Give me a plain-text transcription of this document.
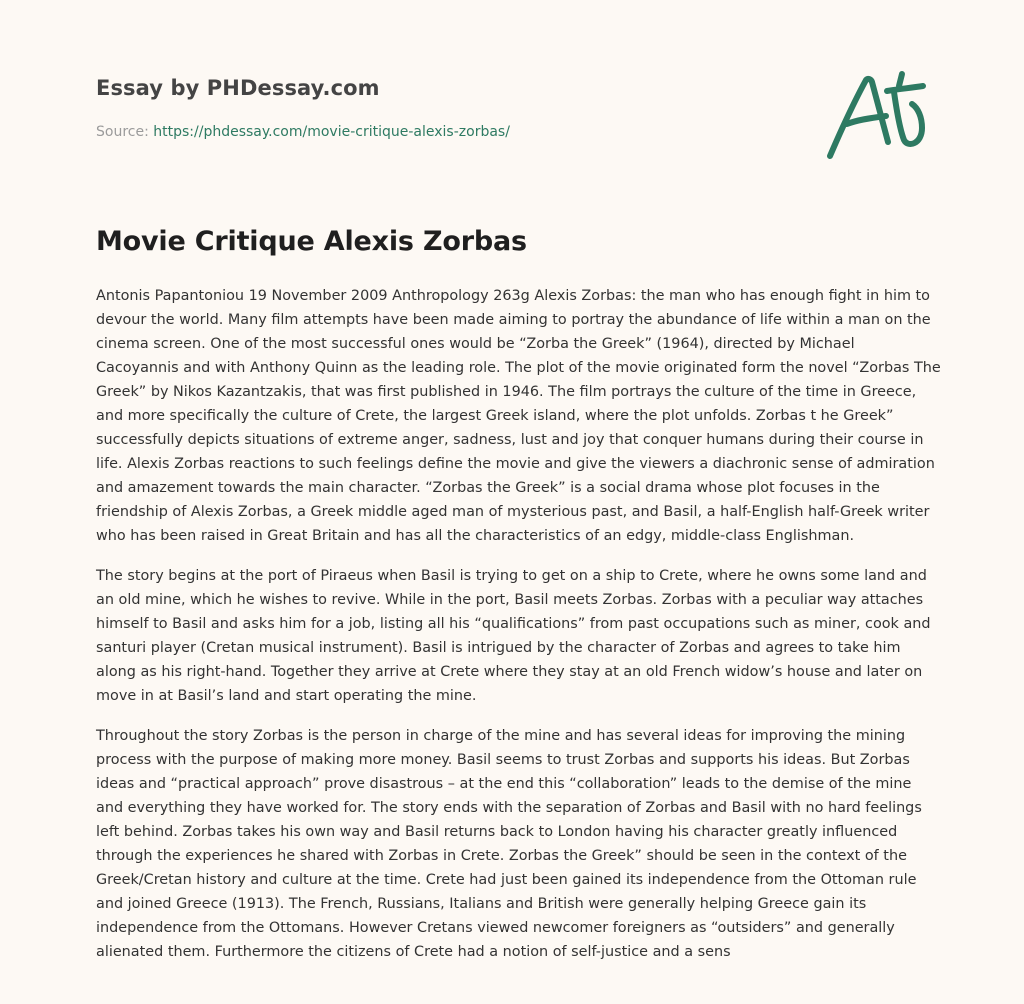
Essay by PHDessay.com
Source: https://phdessay.com/movie-critique-alexis-zorbas/
Movie Critique Alexis Zorbas

Antonis Papantoniou 19 November 2009 Anthropology 263g Alexis Zorbas: the man who has enough fight in him to devour the world. Many film attempts have been made aiming to portray the abundance of life within a man on the cinema screen. One of the most successful ones would be “Zorba the Greek” (1964), directed by Michael Cacoyannis and with Anthony Quinn as the leading role. The plot of the movie originated form the novel “Zorbas The Greek” by Nikos Kazantzakis, that was first published in 1946. The film portrays the culture of the time in Greece, and more specifically the culture of Crete, the largest Greek island, where the plot unfolds. Zorbas t he Greek” successfully depicts situations of extreme anger, sadness, lust and joy that conquer humans during their course in life. Alexis Zorbas reactions to such feelings define the movie and give the viewers a diachronic sense of admiration and amazement towards the main character. “Zorbas the Greek” is a social drama whose plot focuses in the friendship of Alexis Zorbas, a Greek middle aged man of mysterious past, and Basil, a half-English half-Greek writer who has been raised in Great Britain and has all the characteristics of an edgy, middle-class Englishman.

The story begins at the port of Piraeus when Basil is trying to get on a ship to Crete, where he owns some land and an old mine, which he wishes to revive. While in the port, Basil meets Zorbas. Zorbas with a peculiar way attaches himself to Basil and asks him for a job, listing all his “qualifications” from past occupations such as miner, cook and santuri player (Cretan musical instrument). Basil is intrigued by the character of Zorbas and agrees to take him along as his right-hand. Together they arrive at Crete where they stay at an old French widow’s house and later on move in at Basil’s land and start operating the mine.

Throughout the story Zorbas is the person in charge of the mine and has several ideas for improving the mining process with the purpose of making more money. Basil seems to trust Zorbas and supports his ideas. But Zorbas ideas and “practical approach” prove disastrous – at the end this “collaboration” leads to the demise of the mine and everything they have worked for. The story ends with the separation of Zorbas and Basil with no hard feelings left behind. Zorbas takes his own way and Basil returns back to London having his character greatly influenced through the experiences he shared with Zorbas in Crete. Zorbas the Greek” should be seen in the context of the Greek/Cretan history and culture at the time. Crete had just been gained its independence from the Ottoman rule and joined Greece (1913). The French, Russians, Italians and British were generally helping Greece gain its independence from the Ottomans. However Cretans viewed newcomer foreigners as “outsiders” and generally alienated them. Furthermore the citizens of Crete had a notion of self-justice and a sens
